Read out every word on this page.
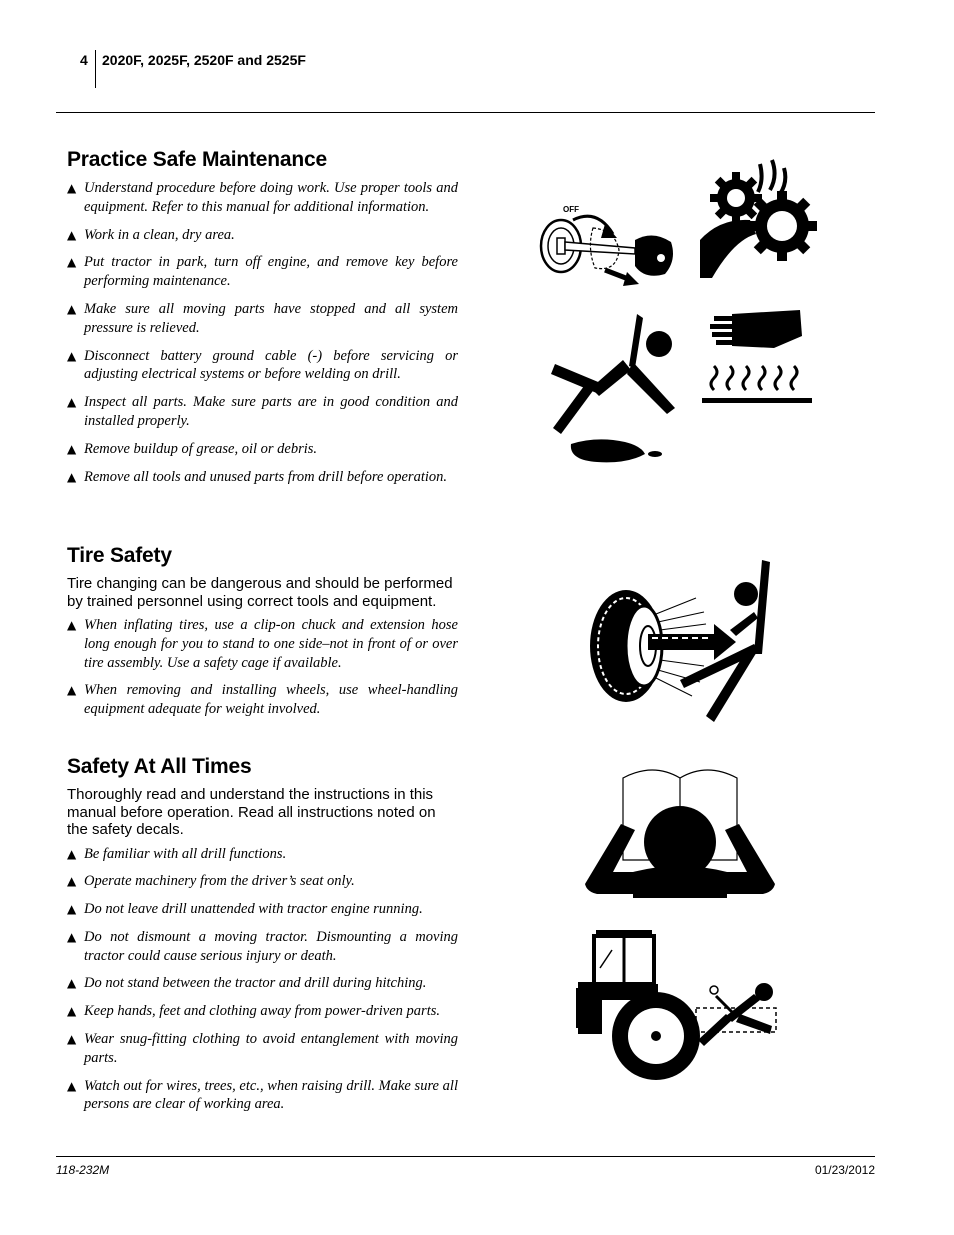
4 2020F, 2025F, 2520F and 2525F
Practice Safe Maintenance
▲ Understand procedure before doing work. Use proper tools and equipment. Refer to this manual for additional information.
▲ Work in a clean, dry area.
▲ Put tractor in park, turn off engine, and remove key before performing maintenance.
▲ Make sure all moving parts have stopped and all system pressure is relieved.
▲ Disconnect battery ground cable (-) before servicing or adjusting electrical systems or before welding on drill.
▲ Inspect all parts. Make sure parts are in good condition and installed properly.
▲ Remove buildup of grease, oil or debris.
▲ Remove all tools and unused parts from drill before operation.
Tire Safety

Tire changing can be dangerous and should be performed by trained personnel using correct tools and equipment.

▲ When inflating tires, use a clip-on chuck and extension hose long enough for you to stand to one side–not in front of or over tire assembly. Use a safety cage if available.
▲ When removing and installing wheels, use wheel-handling equipment adequate for weight involved.
Safety At All Times

Thoroughly read and understand the instructions in this manual before operation. Read all instructions noted on the safety decals.

▲ Be familiar with all drill functions.
▲ Operate machinery from the driver’s seat only.
▲ Do not leave drill unattended with tractor engine running.
▲ Do not dismount a moving tractor. Dismounting a moving tractor could cause serious injury or death.
▲ Do not stand between the tractor and drill during hitching.
▲ Keep hands, feet and clothing away from power-driven parts.
▲ Wear snug-fitting clothing to avoid entanglement with moving parts.
▲ Watch out for wires, trees, etc., when raising drill. Make sure all persons are clear of working area.
OFF
118-232M	01/23/2012
